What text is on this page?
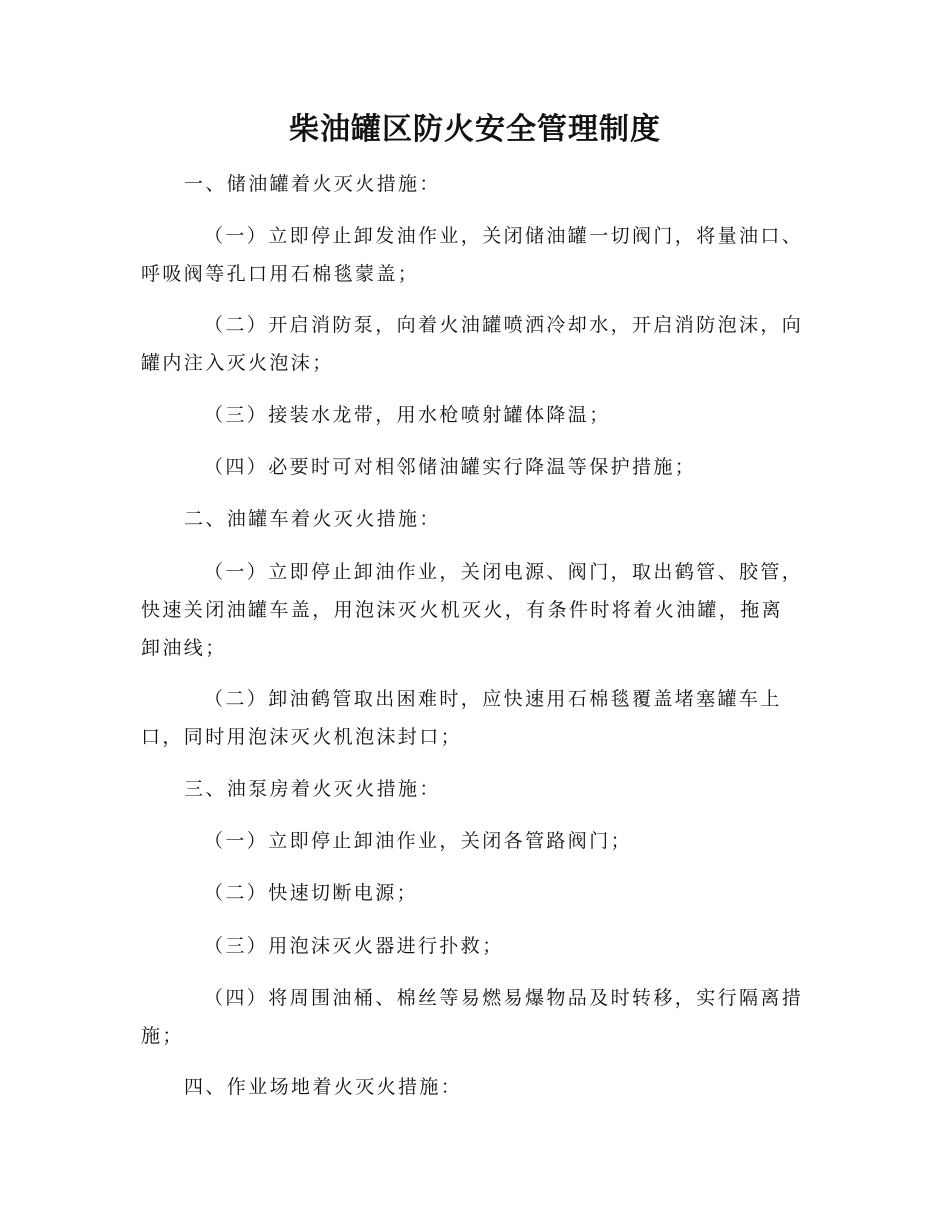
柴油罐区防火安全管理制度
一、储油罐着火灭火措施：
（一）立即停止卸发油作业，关闭储油罐一切阀门，将量油口、
呼吸阀等孔口用石棉毯蒙盖；
（二）开启消防泵，向着火油罐喷洒冷却水，开启消防泡沫，向
罐内注入灭火泡沫；
（三）接装水龙带，用水枪喷射罐体降温；
（四）必要时可对相邻储油罐实行降温等保护措施；
二、油罐车着火灭火措施：
（一）立即停止卸油作业，关闭电源、阀门，取出鹤管、胶管，
快速关闭油罐车盖，用泡沫灭火机灭火，有条件时将着火油罐，拖离
卸油线；
（二）卸油鹤管取出困难时，应快速用石棉毯覆盖堵塞罐车上
口，同时用泡沫灭火机泡沫封口；
三、油泵房着火灭火措施：
（一）立即停止卸油作业，关闭各管路阀门；
（二）快速切断电源；
（三）用泡沫灭火器进行扑救；
（四）将周围油桶、棉丝等易燃易爆物品及时转移，实行隔离措
施；
四、作业场地着火灭火措施：
